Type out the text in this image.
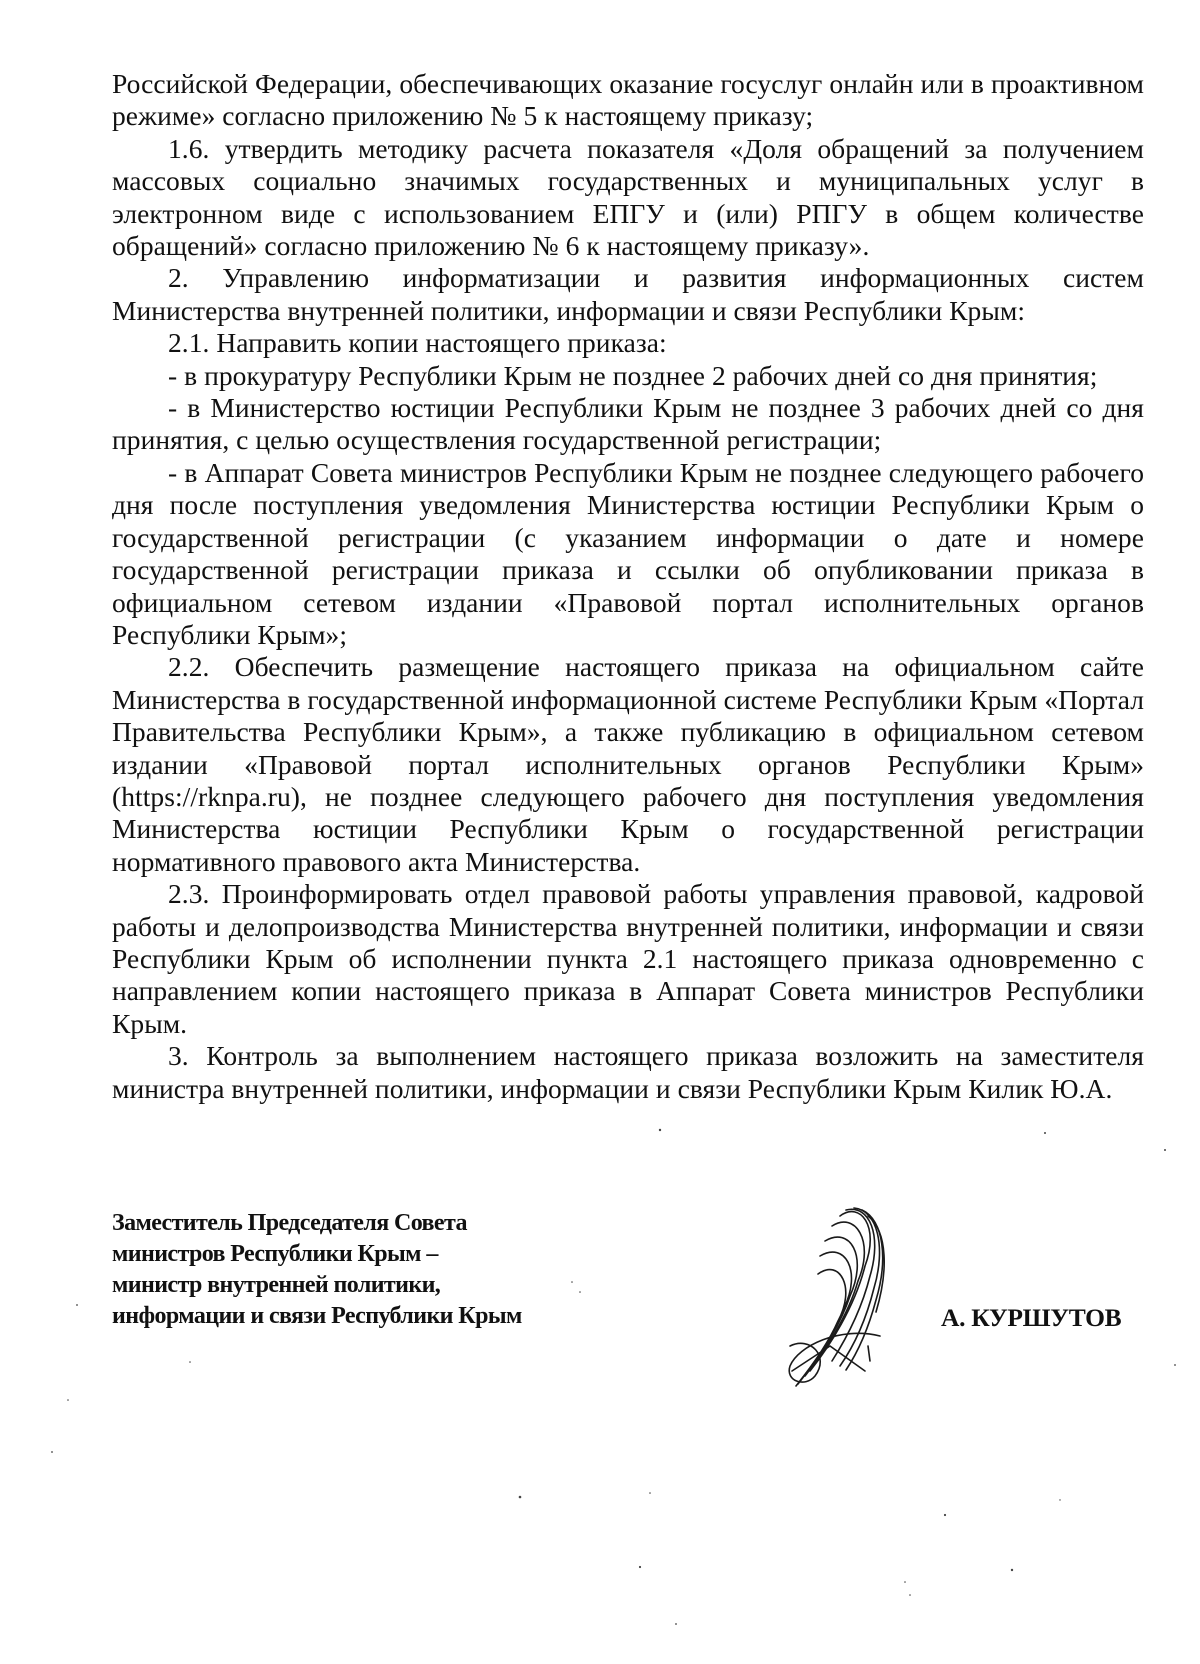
Российской Федерации, обеспечивающих оказание госуслуг онлайн или в проактивном режиме» согласно приложению № 5 к настоящему приказу;

1.6. утвердить методику расчета показателя «Доля обращений за получением массовых социально значимых государственных и муниципальных услуг в электронном виде с использованием ЕПГУ и (или) РПГУ в общем количестве обращений» согласно приложению № 6 к настоящему приказу».

2. Управлению информатизации и развития информационных систем Министерства внутренней политики, информации и связи Республики Крым:

2.1. Направить копии настоящего приказа:

- в прокуратуру Республики Крым не позднее 2 рабочих дней со дня принятия;

- в Министерство юстиции Республики Крым не позднее 3 рабочих дней со дня принятия, с целью осуществления государственной регистрации;

- в Аппарат Совета министров Республики Крым не позднее следующего рабочего дня после поступления уведомления Министерства юстиции Республики Крым о государственной регистрации (с указанием информации о дате и номере государственной регистрации приказа и ссылки об опубликовании приказа в официальном сетевом издании «Правовой портал исполнительных органов Республики Крым»;

2.2. Обеспечить размещение настоящего приказа на официальном сайте Министерства в государственной информационной системе Республики Крым «Портал Правительства Республики Крым», а также публикацию в официальном сетевом издании «Правовой портал исполнительных органов Республики Крым» (https://rknpa.ru), не позднее следующего рабочего дня поступления уведомления Министерства юстиции Республики Крым о государственной регистрации нормативного правового акта Министерства.

2.3. Проинформировать отдел правовой работы управления правовой, кадровой работы и делопроизводства Министерства внутренней политики, информации и связи Республики Крым об исполнении пункта 2.1 настоящего приказа одновременно с направлением копии настоящего приказа в Аппарат Совета министров Республики Крым.

3. Контроль за выполнением настоящего приказа возложить на заместителя министра внутренней политики, информации и связи Республики Крым Килик Ю.А.

Заместитель Председателя Совета
министров Республики Крым –
министр внутренней политики,
информации и связи Республики Крым	А. КУРШУТОВ
